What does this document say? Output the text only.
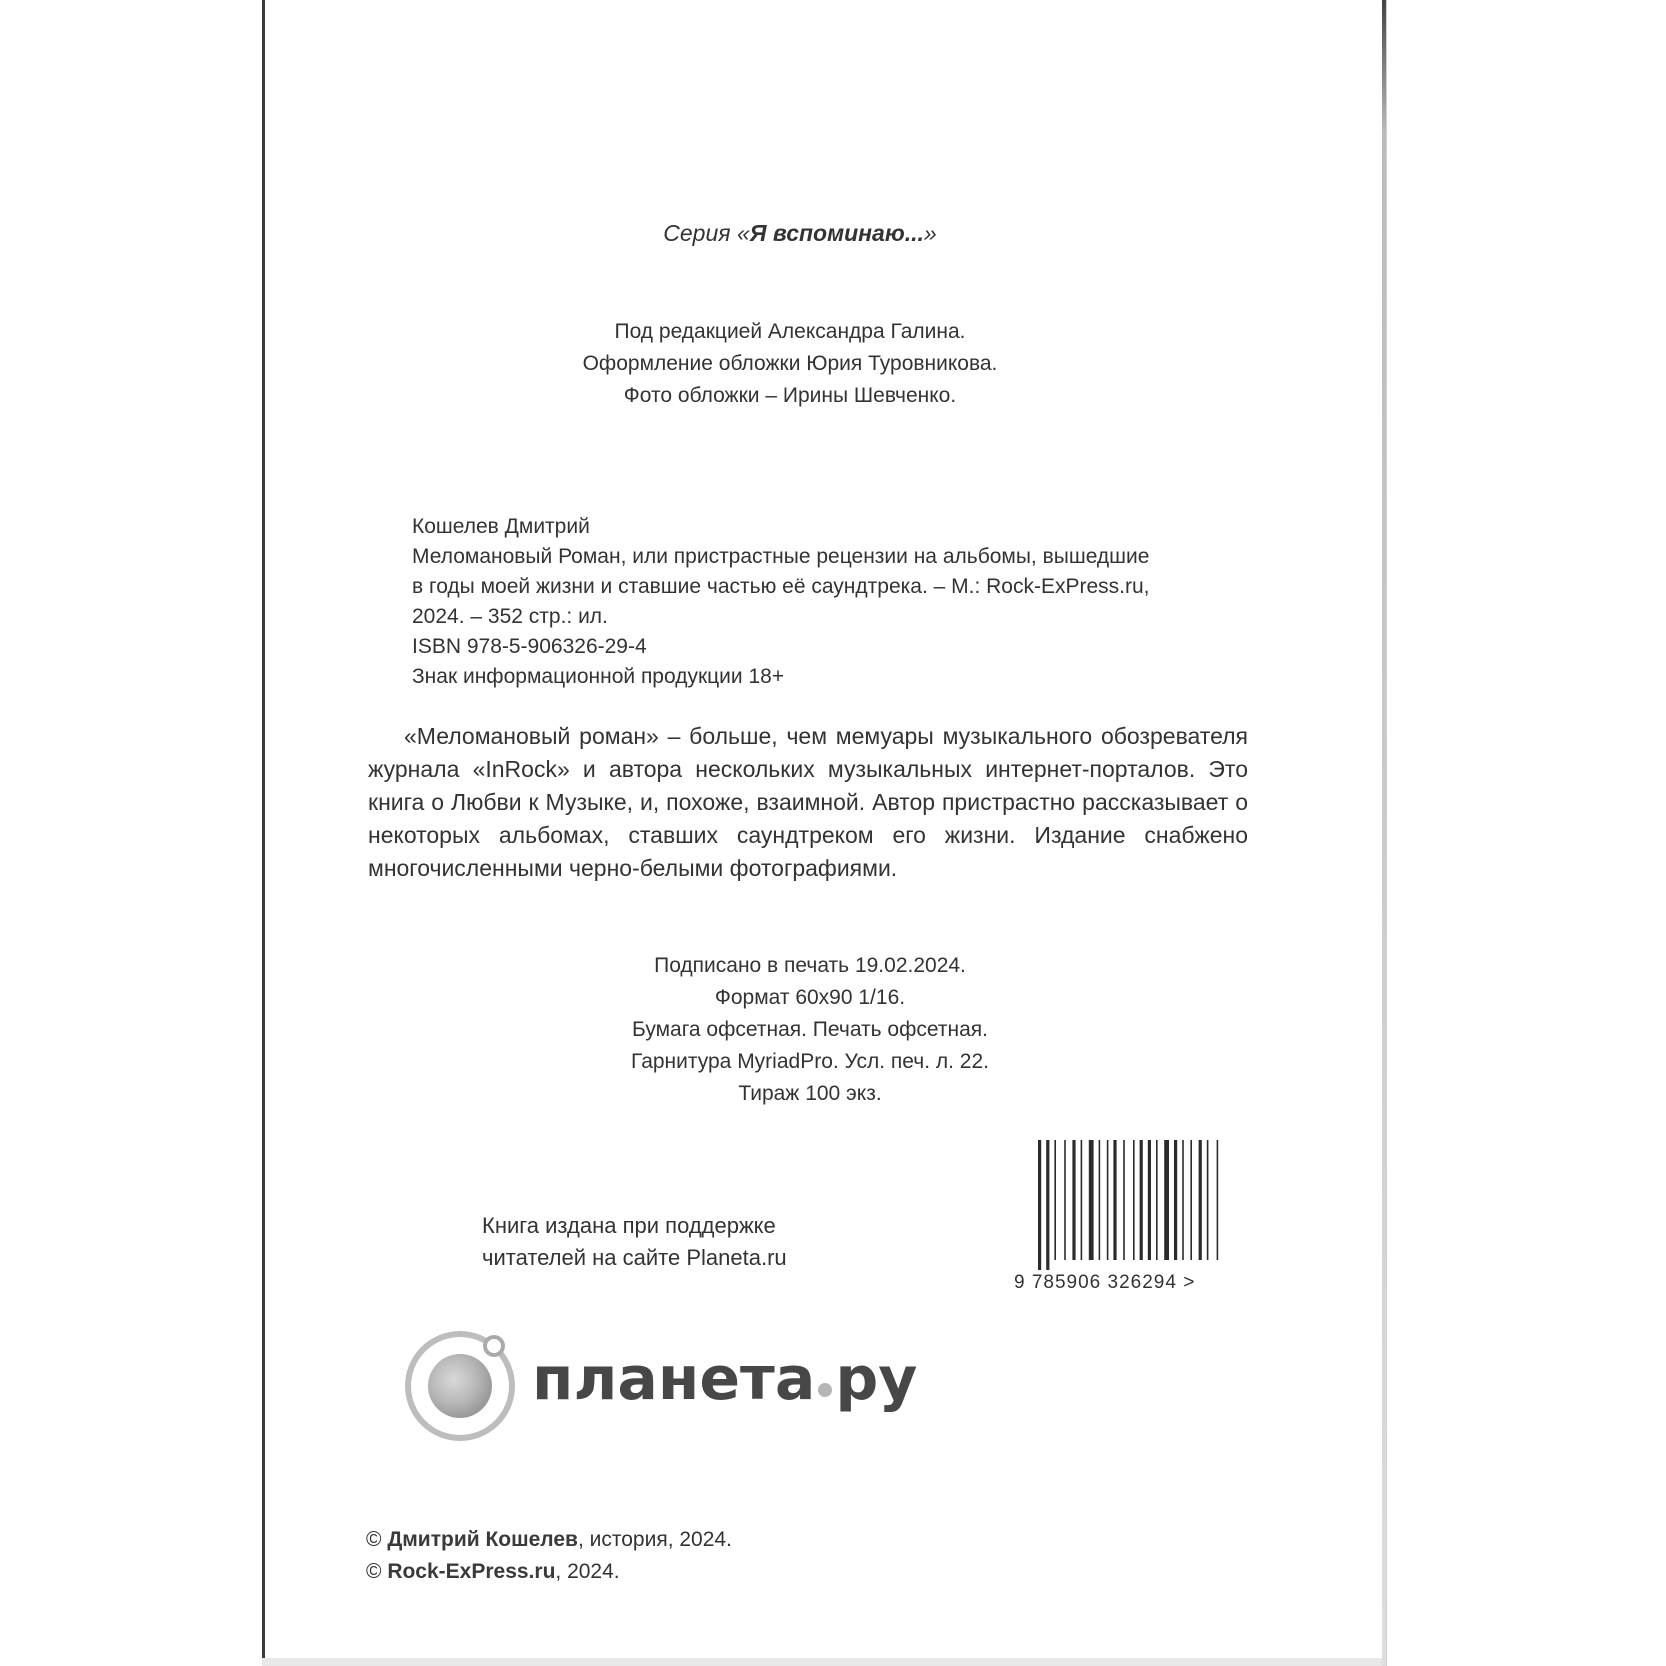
Серия «Я вспоминаю...»
Под редакцией Александра Галина.
Оформление обложки Юрия Туровникова.
Фото обложки – Ирины Шевченко.
Кошелев Дмитрий
Меломановый Роман, или пристрастные рецензии на альбомы, вышедшие
в годы моей жизни и ставшие частью её саундтрека. – М.: Rock-ExPress.ru,
2024. – 352 стр.: ил.
ISBN 978-5-906326-29-4
Знак информационной продукции 18+
«Меломановый роман» – больше, чем мемуары музыкального обозревателя журнала «InRock» и автора нескольких музыкальных интернет-порталов. Это книга о Любви к Музыке, и, похоже, взаимной. Автор пристрастно рассказывает о некоторых альбомах, ставших саундтреком его жизни. Издание снабжено многочисленными черно-белыми фотографиями.
Подписано в печать 19.02.2024.
Формат 60х90 1/16.
Бумага офсетная. Печать офсетная.
Гарнитура MyriadPro. Усл. печ. л. 22.
Тираж 100 экз.
Книга издана при поддержке
читателей на сайте Planeta.ru
9 785906 326294 >
планета ру
© Дмитрий Кошелев, история, 2024.
© Rock-ExPress.ru, 2024.
